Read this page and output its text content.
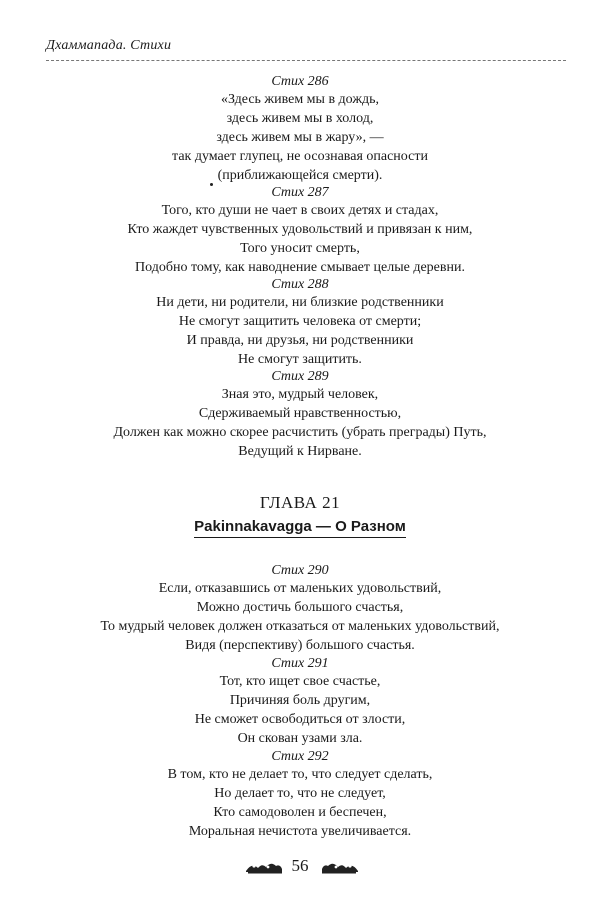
Дхаммапада. Стихи
Стих 286
«Здесь живем мы в дождь,
здесь живем мы в холод,
здесь живем мы в жару», —
так думает глупец, не осознавая опасности
(приближающейся смерти).
Стих 287
Того, кто души не чает в своих детях и стадах,
Кто жаждет чувственных удовольствий и привязан к ним,
Того уносит смерть,
Подобно тому, как наводнение смывает целые деревни.
Стих 288
Ни дети, ни родители, ни близкие родственники
Не смогут защитить человека от смерти;
И правда, ни друзья, ни родственники
Не смогут защитить.
Стих 289
Зная это, мудрый человек,
Сдерживаемый нравственностью,
Должен как можно скорее расчистить (убрать преграды) Путь,
Ведущий к Нирване.
ГЛАВА 21
Pakinnakavagga — О Разном
Стих 290
Если, отказавшись от маленьких удовольствий,
Можно достичь большого счастья,
То мудрый человек должен отказаться от маленьких удовольствий,
Видя (перспективу) большого счастья.
Стих 291
Тот, кто ищет свое счастье,
Причиняя боль другим,
Не сможет освободиться от злости,
Он скован узами зла.
Стих 292
В том, кто не делает то, что следует сделать,
Но делает то, что не следует,
Кто самодоволен и беспечен,
Моральная нечистота увеличивается.
56
